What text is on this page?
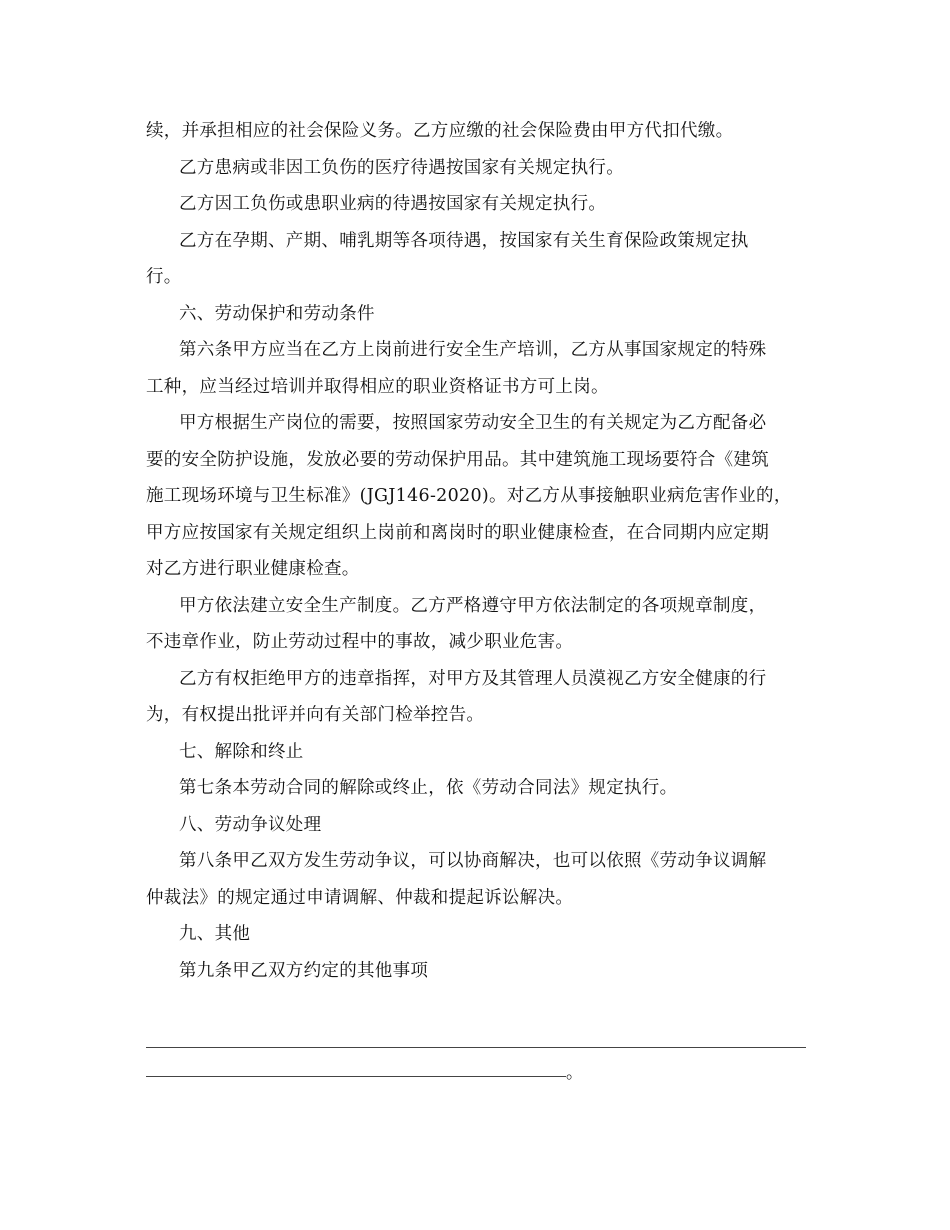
续，并承担相应的社会保险义务。乙方应缴的社会保险费由甲方代扣代缴。
乙方患病或非因工负伤的医疗待遇按国家有关规定执行。
乙方因工负伤或患职业病的待遇按国家有关规定执行。
乙方在孕期、产期、哺乳期等各项待遇，按国家有关生育保险政策规定执
行。
六、劳动保护和劳动条件
第六条甲方应当在乙方上岗前进行安全生产培训，乙方从事国家规定的特殊
工种，应当经过培训并取得相应的职业资格证书方可上岗。
甲方根据生产岗位的需要，按照国家劳动安全卫生的有关规定为乙方配备必
要的安全防护设施，发放必要的劳动保护用品。其中建筑施工现场要符合《建筑
施工现场环境与卫生标准》(JGJ146-2020)。对乙方从事接触职业病危害作业的，
甲方应按国家有关规定组织上岗前和离岗时的职业健康检查，在合同期内应定期
对乙方进行职业健康检查。
甲方依法建立安全生产制度。乙方严格遵守甲方依法制定的各项规章制度，
不违章作业，防止劳动过程中的事故，减少职业危害。
乙方有权拒绝甲方的违章指挥，对甲方及其管理人员漠视乙方安全健康的行
为，有权提出批评并向有关部门检举控告。
七、解除和终止
第七条本劳动合同的解除或终止，依《劳动合同法》规定执行。
八、劳动争议处理
第八条甲乙双方发生劳动争议，可以协商解决，也可以依照《劳动争议调解
仲裁法》的规定通过申请调解、仲裁和提起诉讼解决。
九、其他
第九条甲乙双方约定的其他事项
。
